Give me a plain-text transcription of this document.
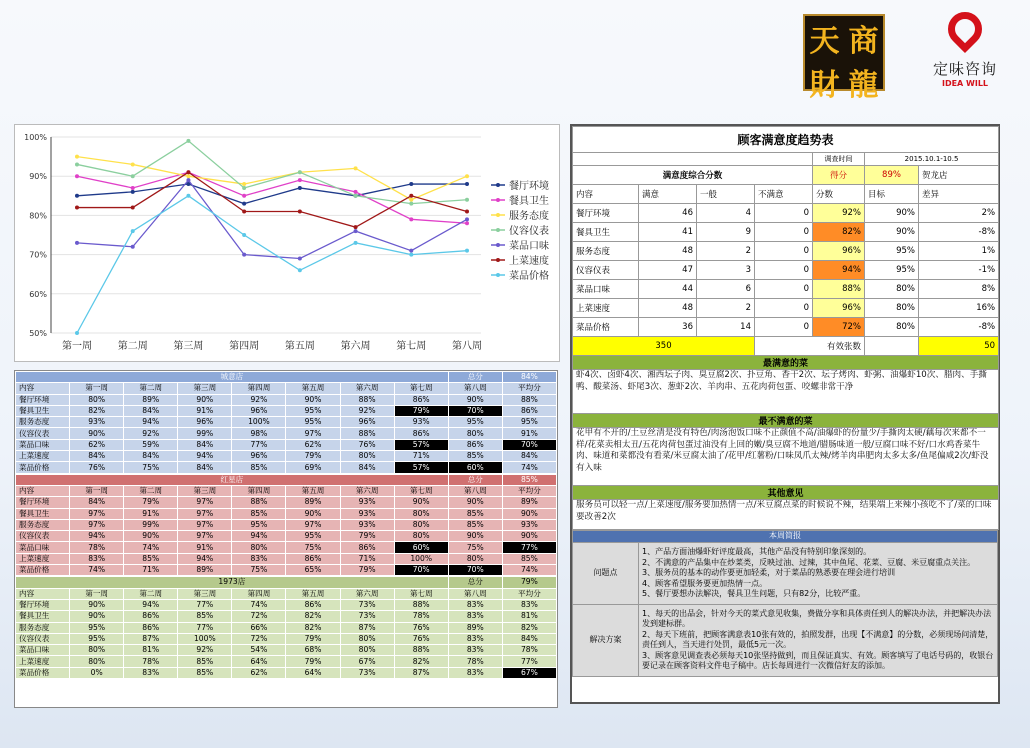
天 商
財 龍	定味咨询
IDEA WILL
50%
60%
70%
80%
90%
100%
第一周	第二周	第三周	第四周	第五周	第六周	第七周	第八周
餐厅环境
餐具卫生
服务态度
仪容仪表
菜品口味
上菜速度
菜品价格
城意店								总分	84%
内容	第一周	第二周	第三周	第四周	第五周	第六周	第七周	第八周	平均分
餐厅环境	80%	89%	90%	92%	90%	88%	86%	90%	88%
餐具卫生	82%	84%	91%	96%	95%	92%	79%	70%	86%
服务态度	93%	94%	96%	100%	95%	96%	93%	95%	95%
仪容仪表	90%	92%	99%	98%	97%	88%	86%	80%	91%
菜品口味	62%	59%	84%	77%	62%	76%	57%	86%	70%
上菜速度	84%	84%	94%	96%	79%	80%	71%	85%	84%
菜品价格	76%	75%	84%	85%	69%	84%	57%	60%	74%
红星店								总分	85%
内容	第一周	第二周	第三周	第四周	第五周	第六周	第七周	第八周	平均分
餐厅环境	84%	79%	97%	88%	89%	93%	90%	90%	89%
餐具卫生	97%	91%	97%	85%	90%	93%	80%	85%	90%
服务态度	97%	99%	97%	95%	97%	93%	80%	85%	93%
仪容仪表	94%	90%	97%	94%	95%	79%	80%	90%	90%
菜品口味	78%	74%	91%	80%	75%	86%	60%	75%	77%
上菜速度	83%	85%	94%	83%	86%	71%	100%	80%	85%
菜品价格	74%	71%	89%	75%	65%	79%	70%	70%	74%
1973店								总分	79%
内容	第一周	第二周	第三周	第四周	第五周	第六周	第七周	第八周	平均分
餐厅环境	90%	94%	77%	74%	86%	73%	88%	83%	83%
餐具卫生	90%	86%	85%	72%	82%	73%	78%	83%	81%
服务态度	95%	86%	77%	66%	82%	87%	76%	89%	82%
仪容仪表	95%	87%	100%	72%	79%	80%	76%	83%	84%
菜品口味	80%	81%	92%	54%	68%	80%	88%	83%	78%
上菜速度	80%	78%	85%	64%	79%	67%	82%	78%	77%
菜品价格	0%	83%	85%	62%	64%	73%	87%	83%	67%
顾客满意度趋势表						
				调查时间	2015.10.1-10.5	
满意度综合分数				得分	89%	贺龙店
内容	满意	一般	不满意	分数	目标	差异
餐厅环境	46	4	0	92%	90%	2%
餐具卫生	41	9	0	82%	90%	-8%
服务态度	48	2	0	96%	95%	1%
仪容仪表	47	3	0	94%	95%	-1%
菜品口味	44	6	0	88%	80%	8%
上菜速度	48	2	0	96%	80%	16%
菜品价格	36	14	0	72%	80%	-8%
350			有效张数			50
最满意的菜						
虾4次、卤虾4次、湘西坛子肉、臭豆腐2次、扑豆角、香干2次、坛子烤肉、虾粥、油爆虾10次、腊肉、手撕鸭、酸菜汤、虾尾3次、葱虾2次、羊肉串、五花肉荷包蛋、咬螺非常干净						
最不满意的菜						
花甲有不开的/土豆丝清是没有特色/肉汤泡饭口味不正颜值不高/油爆虾的份量少/手撕肉太硬/藕每次来都不一样/花菜卖相太丑/五花肉荷包蛋过油没有上回的嫩/臭豆腐不地道/腊肠味道一般/豆腐口味不好/口水鸡香菜牛肉、味道和菜都没有看菜/米豆腐太油了/花甲/红薯粉/口味凤爪太辣/烤羊肉串肥肉太多太多/鱼尾偏咸2次/虾没有入味						
其他意见						
服务员可以轻一点/上菜速度/服务要加热情一点/米豆腐点菜的时候说不辣，结果端上来辣小孩吃不了/菜的口味要改善2次						
本周简报	
问题点	1、产品方面油爆虾好评度最高，其他产品没有特别印象深刻的。
2、不满意的产品集中在炒菜类，反映过油、过辣，其中鱼尾、花菜、豆腐、米豆腐重点关注。
3、服务员的基本的动作要更加轻柔，对于菜品的熟悉要在理会进行培训
4、顾客希望服务要更加热情一点。
5、餐厅要想办法解决，餐具卫生问题，只有82分，比较严重。

解决方案	1、每天的出品会，针对今天的菜式意见收集，费做分享和具体责任到人的解决办法，并把解决办法发到建标群。
2、每天下班前，把顾客满意表10张有效的，拍照发群，出现【不满意】的分数，必须现场问清楚，责任到人，当天进行处罚，最低5元一次。
3、顾客意见调查表必须每天10张坚持做到，而且保证真实、有效。顾客填写了电话号码的，收银台要记录在顾客资料文件电子稿中。店长每周进行一次微信好友的添加。
